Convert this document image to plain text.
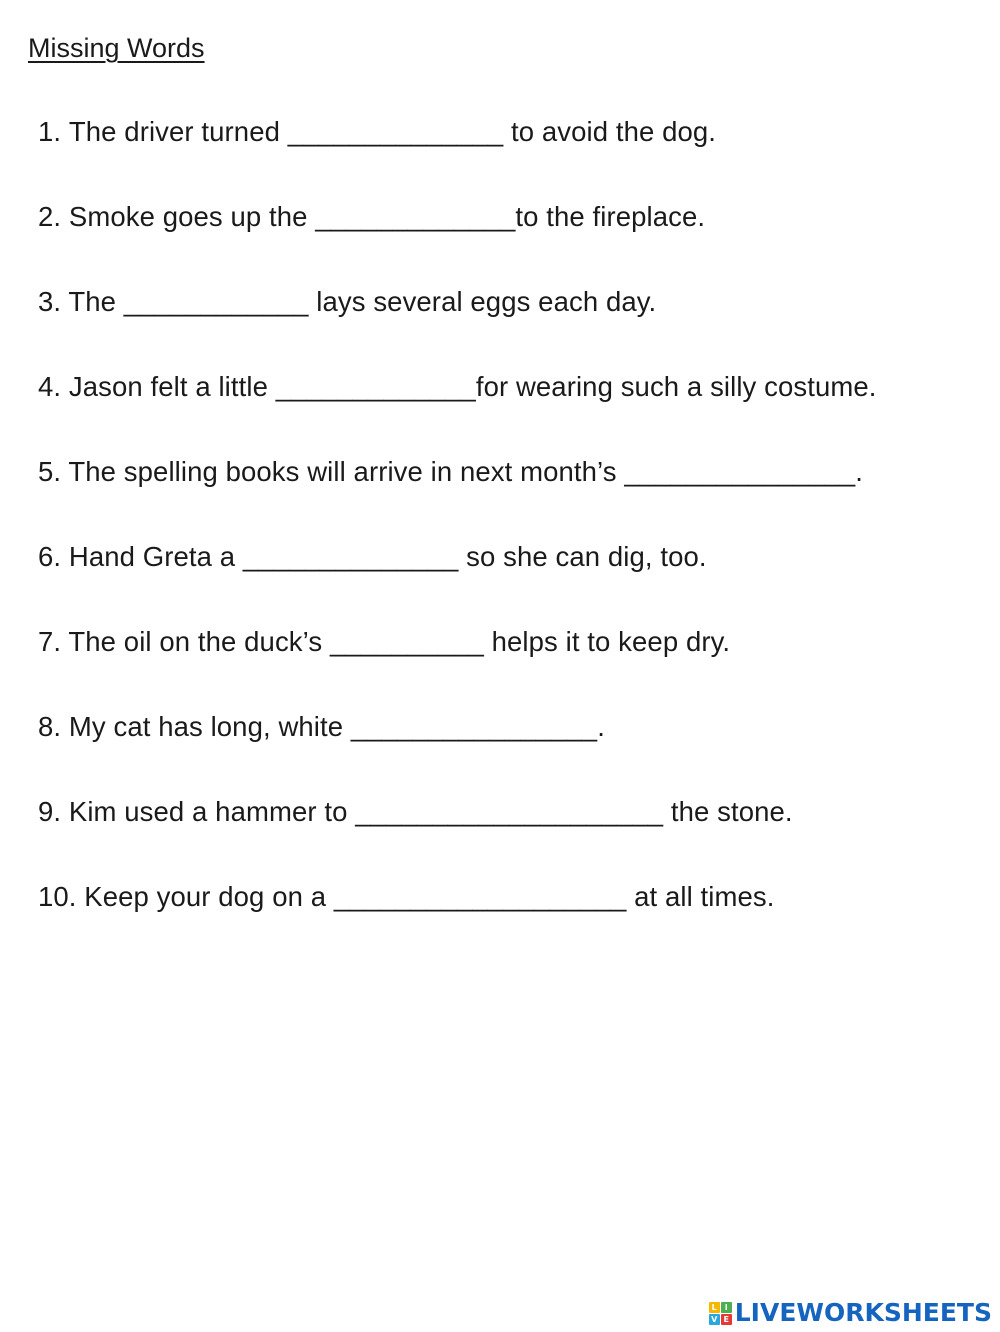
Missing Words
1. The driver turned ______________ to avoid the dog.
2. Smoke goes up the _____________to the fireplace.
3. The ____________ lays several eggs each day.
4. Jason felt a little _____________for wearing such a silly costume.
5. The spelling books will arrive in next month’s _______________.
6. Hand Greta a ______________ so she can dig, too.
7. The oil on the duck’s __________ helps it to keep dry.
8. My cat has long, white ________________.
9. Kim used a hammer to ____________________ the stone.
10. Keep your dog on a ___________________ at all times.
L I
V E LIVEWORKSHEETS
